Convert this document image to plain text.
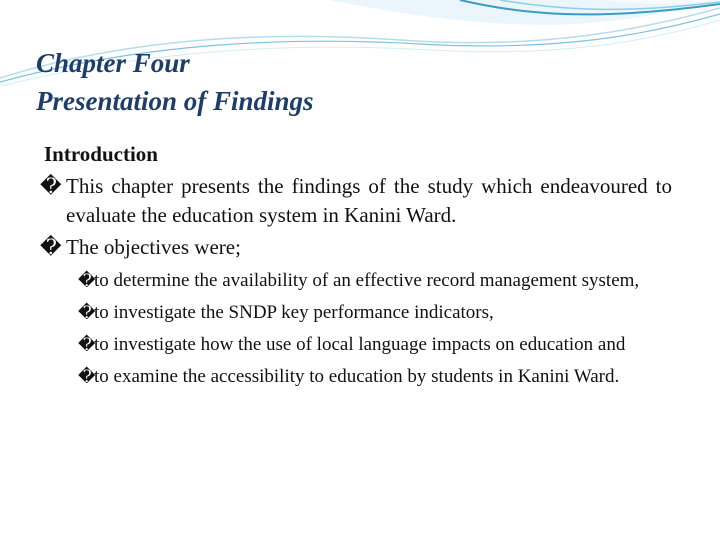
Chapter Four
Presentation of Findings
Introduction
� This chapter presents the findings of the study which endeavoured to evaluate the education system in Kanini Ward.
� The objectives were;
�
to determine the availability of an effective record management system,
�
to investigate the SNDP key performance indicators,
�
to investigate how the use of local language impacts on education and
�
to examine the accessibility to education by students in Kanini Ward.
